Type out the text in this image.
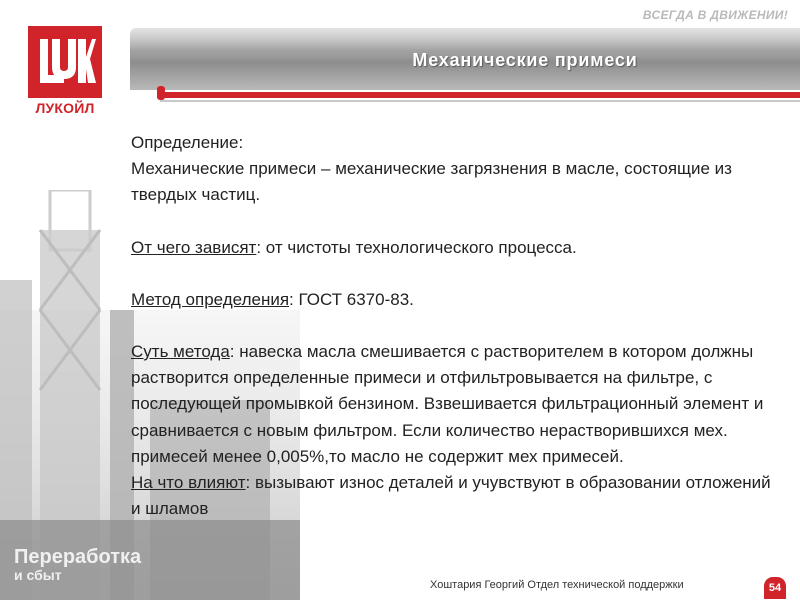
ВСЕГДА В ДВИЖЕНИИ!
ЛУКОЙЛ
Механические примеси
Переработка
и сбыт
Определение:
Механические примеси – механические загрязнения в масле, состоящие из твердых частиц.
От чего зависят: от чистоты технологического процесса.
Метод определения: ГОСТ 6370-83.
Суть метода: навеска масла смешивается с растворителем в котором должны растворится определенные примеси и отфильтровывается на фильтре, с последующей промывкой бензином. Взвешивается фильтрационный элемент и сравнивается с новым фильтром. Если количество нерастворившихся мех. примесей менее 0,005%,то масло не содержит мех примесей.
На что влияют: вызывают износ деталей и учувствуют в образовании отложений и шламов
Хоштария Георгий Отдел технической поддержки	54
